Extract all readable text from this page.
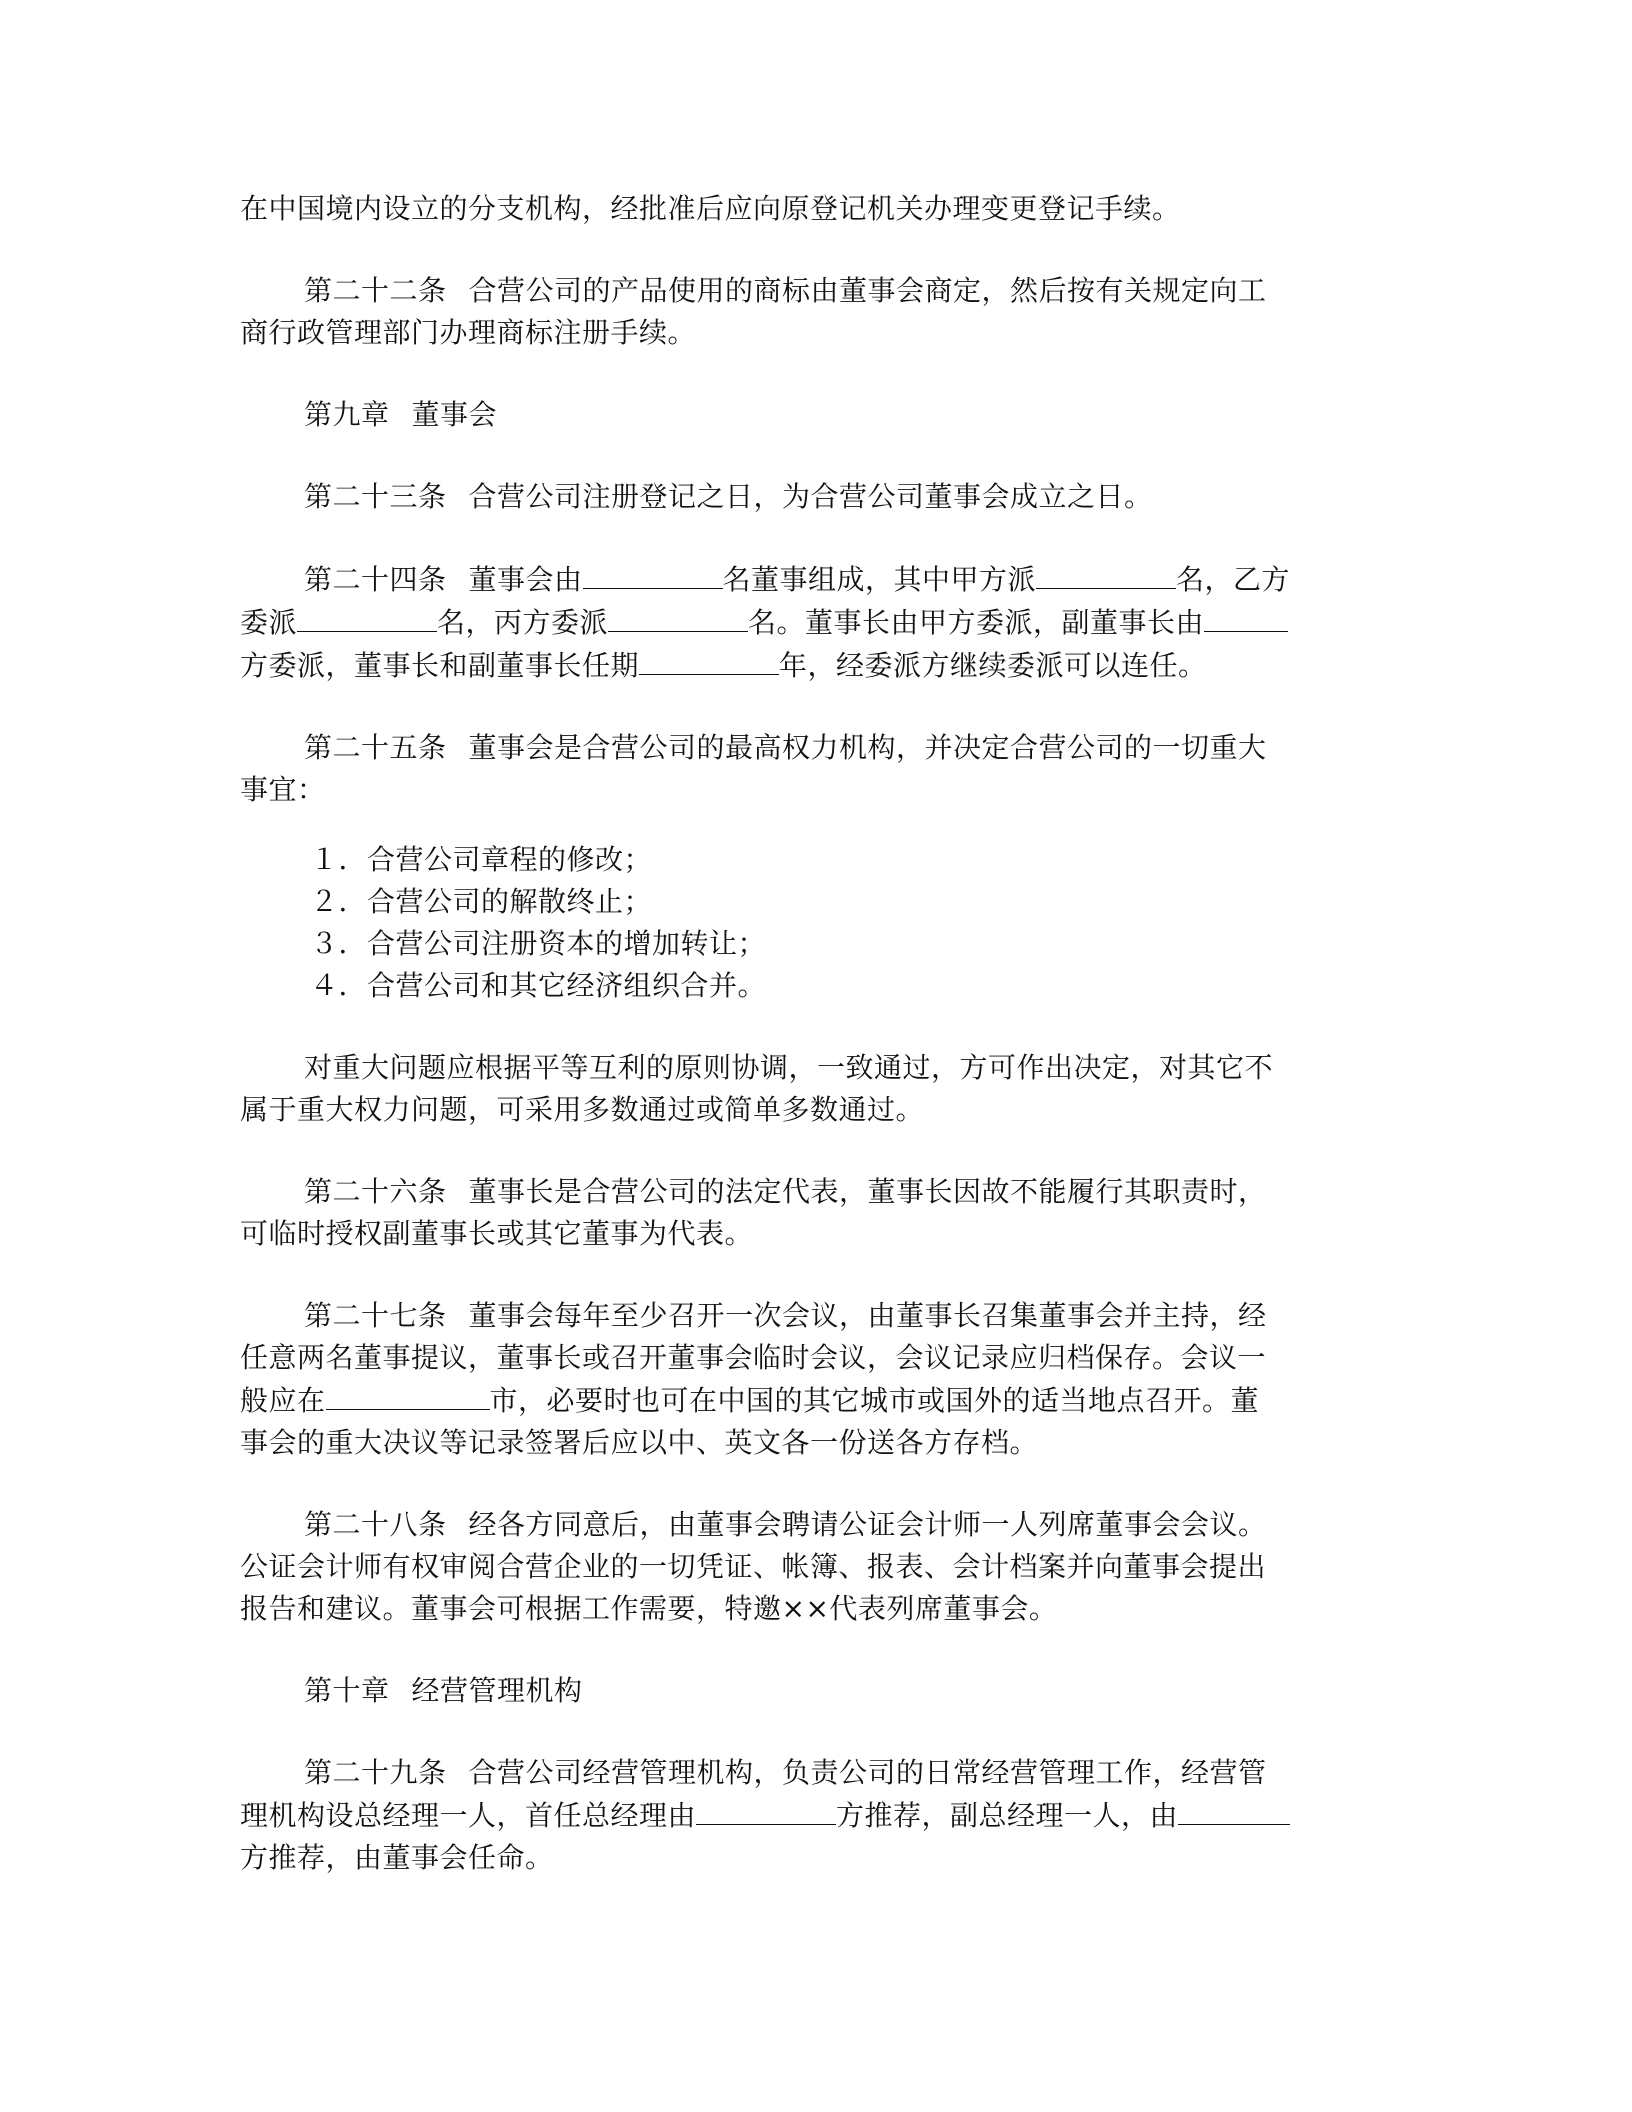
在中国境内设立的分支机构，经批准后应向原登记机关办理变更登记手续。

第二十二条 合营公司的产品使用的商标由董事会商定，然后按有关规定向工
商行政管理部门办理商标注册手续。

第九章 董事会

第二十三条 合营公司注册登记之日，为合营公司董事会成立之日。

第二十四条 董事会由	名董事组成，其中甲方派	名，乙方
委派	名，丙方委派	名。董事长由甲方委派，副董事长由
方委派，董事长和副董事长任期	年，经委派方继续委派可以连任。

第二十五条 董事会是合营公司的最高权力机构，并决定合营公司的一切重大
事宜：

１．合营公司章程的修改；
２．合营公司的解散终止；
３．合营公司注册资本的增加转让；
４．合营公司和其它经济组织合并。

对重大问题应根据平等互利的原则协调，一致通过，方可作出决定，对其它不
属于重大权力问题，可采用多数通过或简单多数通过。

第二十六条 董事长是合营公司的法定代表，董事长因故不能履行其职责时，
可临时授权副董事长或其它董事为代表。

第二十七条 董事会每年至少召开一次会议，由董事长召集董事会并主持，经
任意两名董事提议，董事长或召开董事会临时会议，会议记录应归档保存。会议一
般应在	市，必要时也可在中国的其它城市或国外的适当地点召开。董
事会的重大决议等记录签署后应以中、英文各一份送各方存档。

第二十八条 经各方同意后，由董事会聘请公证会计师一人列席董事会会议。
公证会计师有权审阅合营企业的一切凭证、帐簿、报表、会计档案并向董事会提出
报告和建议。董事会可根据工作需要，特邀××代表列席董事会。

第十章 经营管理机构

第二十九条 合营公司经营管理机构，负责公司的日常经营管理工作，经营管
理机构设总经理一人，首任总经理由	方推荐，副总经理一人，由
方推荐，由董事会任命。
